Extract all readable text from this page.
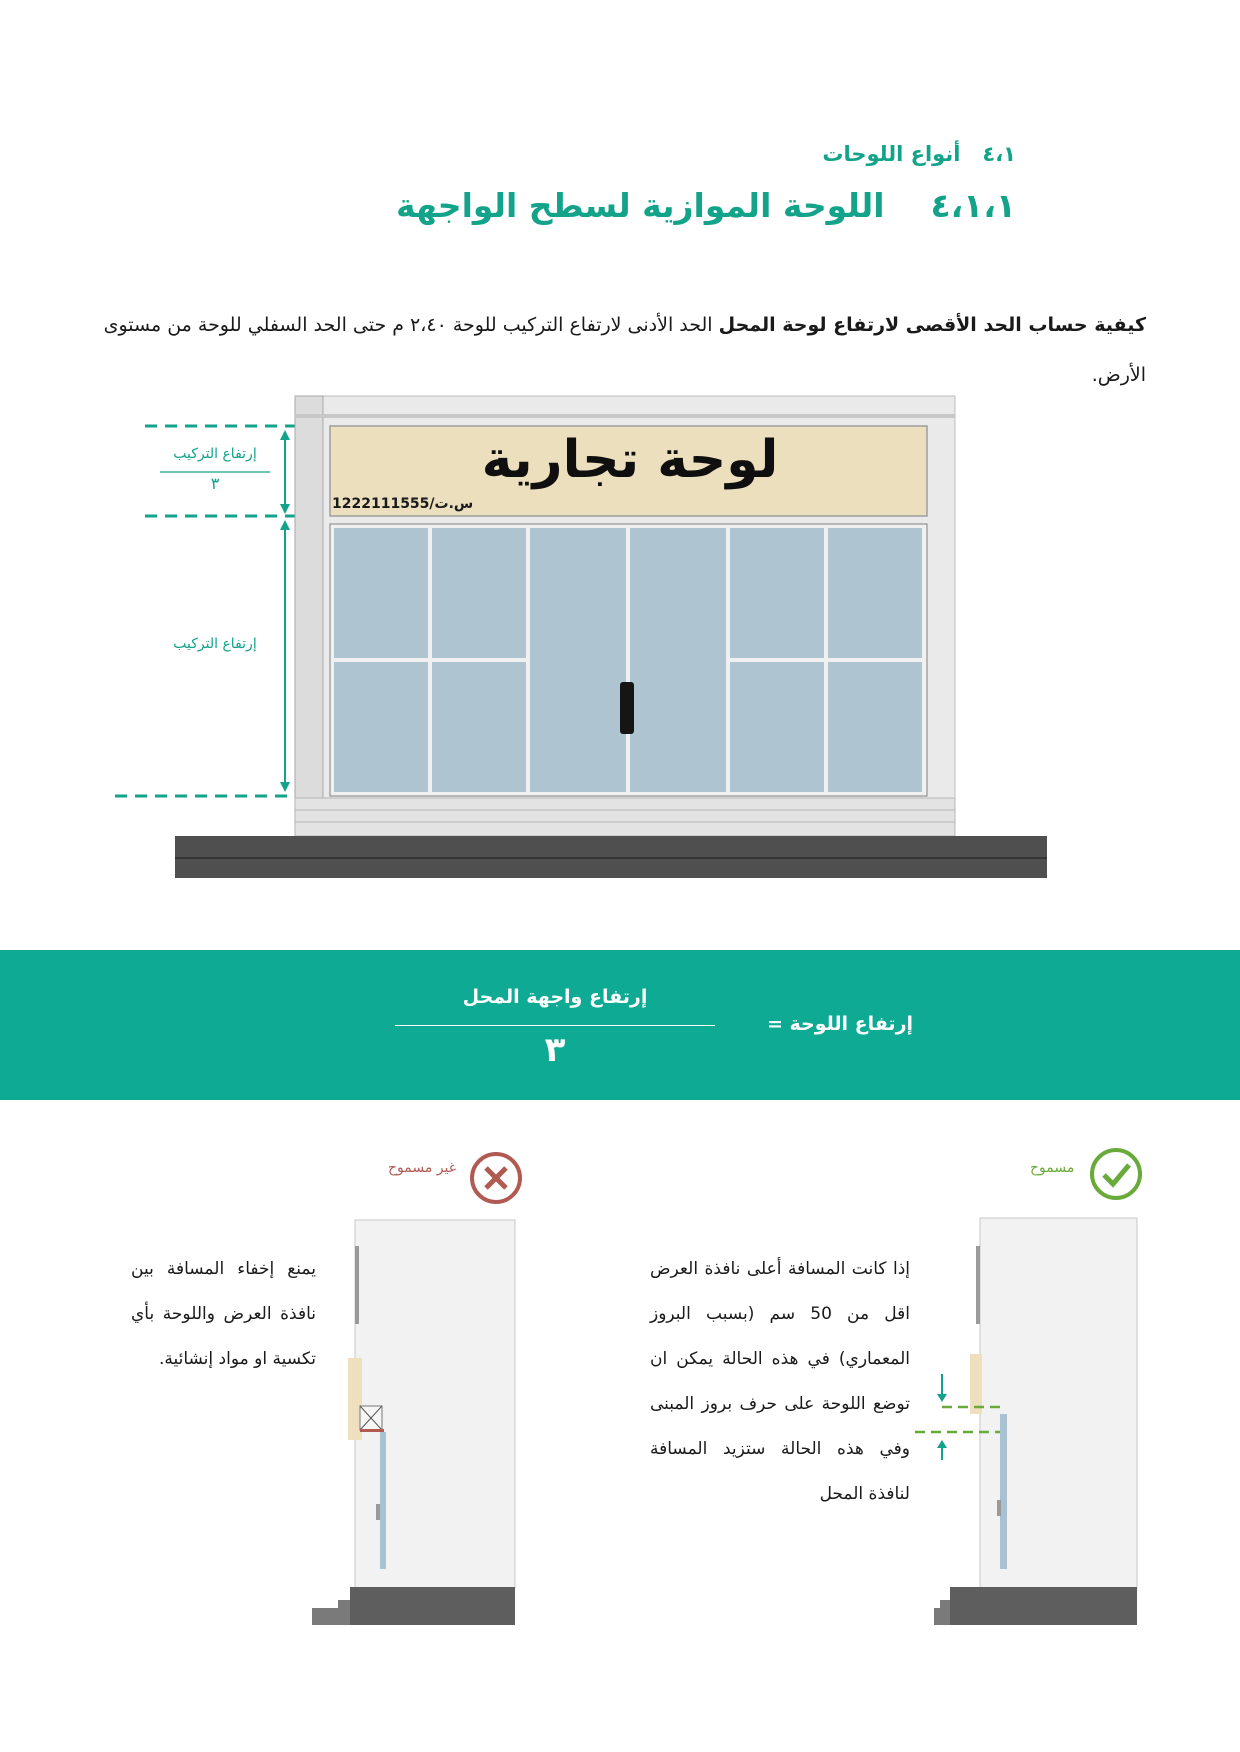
٤،١   أنواع اللوحات
٤،١،١    اللوحة الموازية لسطح الواجهة
كيفية حساب الحد الأقصى لارتفاع لوحة المحل الحد الأدنى لارتفاع التركيب للوحة ٢،٤٠ م حتى الحد السفلي للوحة من مستوى الأرض.
لوحة تجارية
س.ت/1222111555
إرتفاع التركيب
٣
إرتفاع التركيب
إرتفاع واجهة المحل
٣
إرتفاع اللوحة =
مسموح
إذا كانت المسافة أعلى نافذة العرض اقل من 50 سم (بسبب البروز المعماري) في هذه الحالة يمكن ان توضع اللوحة على حرف بروز المبنى وفي هذه الحالة ستزيد المسافة لنافذة المحل
غير مسموح
يمنع إخفاء المسافة بين نافذة العرض واللوحة بأي تكسية او مواد إنشائية.
